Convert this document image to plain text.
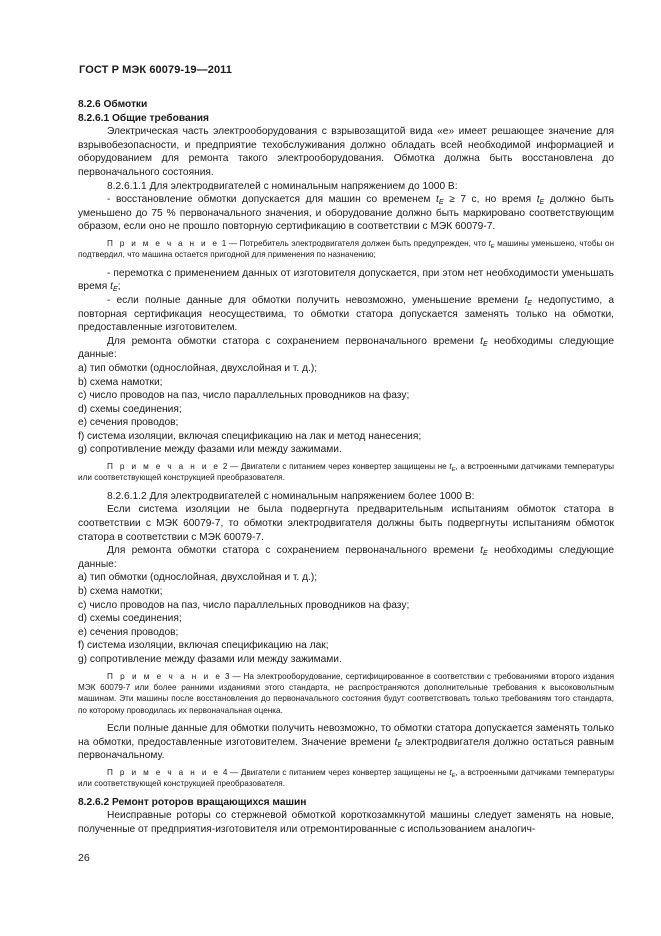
ГОСТ Р МЭК 60079-19—2011

8.2.6 Обмотки

8.2.6.1 Общие требования

Электрическая часть электрооборудования с взрывозащитой вида «е» имеет решающее значение для взрывобезопасности, и предприятие техобслуживания должно обладать всей необходимой информацией и оборудованием для ремонта такого электрооборудования. Обмотка должна быть восстановлена до первоначального состояния.

8.2.6.1.1 Для электродвигателей с номинальным напряжением до 1000 В:

- восстановление обмотки допускается для машин со временем $t_E \ge 7$ с, но время $t_E$ должно быть уменьшено до 75 % первоначального значения, и оборудование должно быть маркировано соответствующим образом, если оно не прошло повторную сертификацию в соответствии с МЭК 60079-7.

П р и м е ч а н и е 1 — Потребитель электродвигателя должен быть предупрежден, что $t_E$ машины уменьшено, чтобы он подтвердил, что машина остается пригодной для применения по назначению;

- перемотка с применением данных от изготовителя допускается, при этом нет необходимости уменьшать время $t_E$;

- если полные данные для обмотки получить невозможно, уменьшение времени $t_E$ недопустимо, а повторная сертификация неосуществима, то обмотки статора допускается заменять только на обмотки, предоставленные изготовителем.

Для ремонта обмотки статора с сохранением первоначального времени $t_E$ необходимы следующие данные:

а) тип обмотки (однослойная, двухслойная и т. д.);

b) схема намотки;

с) число проводов на паз, число параллельных проводников на фазу;

d) схемы соединения;

е) сечения проводов;

f) система изоляции, включая спецификацию на лак и метод нанесения;

g) сопротивление между фазами или между зажимами.

П р и м е ч а н и е 2 — Двигатели с питанием через конвертер защищены не $t_E$, а встроенными датчиками температуры или соответствующей конструкцией преобразователя.

8.2.6.1.2 Для электродвигателей с номинальным напряжением более 1000 В:

Если система изоляции не была подвергнута предварительным испытаниям обмоток статора в соответствии с МЭК 60079-7, то обмотки электродвигателя должны быть подвергнуты испытаниям обмоток статора в соответствии с МЭК 60079-7.

Для ремонта обмотки статора с сохранением первоначального времени $t_E$ необходимы следующие данные:

а) тип обмотки (однослойная, двухслойная и т. д.);

b) схема намотки;

с) число проводов на паз, число параллельных проводников на фазу;

d) схемы соединения;

е) сечения проводов;

f) система изоляции, включая спецификацию на лак;

g) сопротивление между фазами или между зажимами.

П р и м е ч а н и е 3 — На электрооборудование, сертифицированное в соответствии с требованиями второго издания МЭК 60079-7 или более ранними изданиями этого стандарта, не распространяются дополнительные требования к высоковольтным машинам. Эти машины после восстановления до первоначального состояния будут соответствовать только требованиям того стандарта, по которому проводилась их первоначальная оценка.

Если полные данные для обмотки получить невозможно, то обмотки статора допускается заменять только на обмотки, предоставленные изготовителем. Значение времени $t_E$ электродвигателя должно остаться равным первоначальному.

П р и м е ч а н и е 4 — Двигатели с питанием через конвертер защищены не $t_E$, а встроенными датчиками температуры или соответствующей конструкцией преобразователя.

8.2.6.2 Ремонт роторов вращающихся машин

Неисправные роторы со стержневой обмоткой короткозамкнутой машины следует заменять на новые, полученные от предприятия-изготовителя или отремонтированные с использованием аналогич-

26
